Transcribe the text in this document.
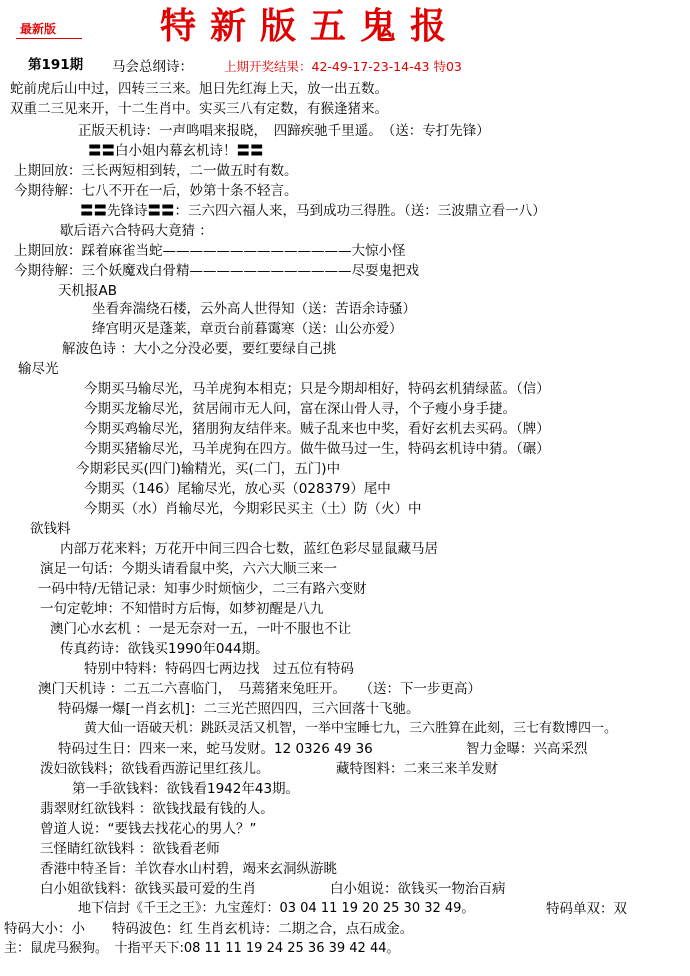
最新版	特新版五鬼报
第191期 马会总纲诗： 上期开奖结果：42-49-17-23-14-43 特03
蛇前虎后山中过，四转三三来。旭日先红海上天，放一出五数。
双重二三见来开，十二生肖中。实买三八有定数，有猴逢猪来。
正版天机诗：一声鸣唱来报晓，　四蹄疾驰千里遥。　（送：专打先锋）
〓〓白小姐内幕玄机诗！〓〓
上期回放：三长两短相到转，二一做五时有数。
今期待解：七八不开在一后，妙第十条不轻言。
〓〓先锋诗〓〓：三六四六福人来，马到成功三得胜。（送：三波鼎立看一八）
歇后语六合特码大竟猜 ：
上期回放：踩着麻雀当蛇——————————————大惊小怪
今期待解：三个妖魔戏白骨精————————————尽耍鬼把戏
天机报AB
坐看奔湍绕石楼，云外高人世得知（送：苦语余诗骚）
绛宫明灭是蓬莱，章贡台前暮霭寒（送：山公亦爱）
解波色诗 ：大小之分没必要，要红要绿自己挑
输尽光
今期买马输尽光，马羊虎狗本相克；只是今期却相好，特码玄机猜绿蓝。（信）
今期买龙输尽光，贫居闹市无人问，富在深山骨人寻，个子瘦小身手捷。
今期买鸡输尽光，猪朋狗友结伴来。贼子乱来也中奖，看好玄机去买码。（牌）
今期买猪输尽光，马羊虎狗在四方。做牛做马过一生，特码玄机诗中猜。（碾）
今期彩民买(四门)输精光，买(二门，五门)中
今期买（146）尾输尽光，放心买（028379）尾中
今期买（水）肖输尽光，今期彩民买主（土）防（火）中
欲钱料
内部万花来料；万花开中间三四合七数，蓝红色彩尽显鼠藏马居
演足一句话：今期头请看鼠中奖，六六大顺三来一
一码中特/无错记录：知事少时烦恼少，二三有路六变财
一句定乾坤：不知惜时方后悔，如梦初醒是八九
澳门心水玄机 ：一是无奈对一五，一叶不服也不让
传真药诗：欲钱买1990年044期。
特别中特料：特码四七两边找　过五位有特码
澳门天机诗 ：二五二六喜临门，　马蔫猪来兔旺开。　　（送：下一步更高）
特码爆一爆[一肖玄机]：二三光芒照四四，三六回落十飞驰。
黄大仙一语破天机：跳跃灵活又机智，一举中宝睡七九，三六胜算在此刻，三七有数博四一。
特码过生日：四来一来，蛇马发财。12 0326 49 36	智力金曝：兴高采烈
泼妇欲钱料；欲钱看西游记里红孩儿。	藏特图料：二来三来羊发财
第一手欲钱料：欲钱看1942年43期。
翡翠财红欲钱料 ：欲钱找最有钱的人。
曾道人说：“要钱去找花心的男人？”
三怪睛红欲钱料 ：欲钱看老师
香港中特圣旨：羊饮春水山村碧，竭来玄洞纵游眺
白小姐欲钱料：欲钱买最可爱的生肖	白小姐说：欲钱买一物治百病
地下信封《千王之王》：九宝莲灯：03 04 11 19 20 25 30 32 49。	特码单双：双
特码大小：小　　特码波色：红 生肖玄机诗：二期之合，点石成金。
主：鼠虎马猴狗。　十指平天下:08 11 11 19 24 25 36 39 42 44。
